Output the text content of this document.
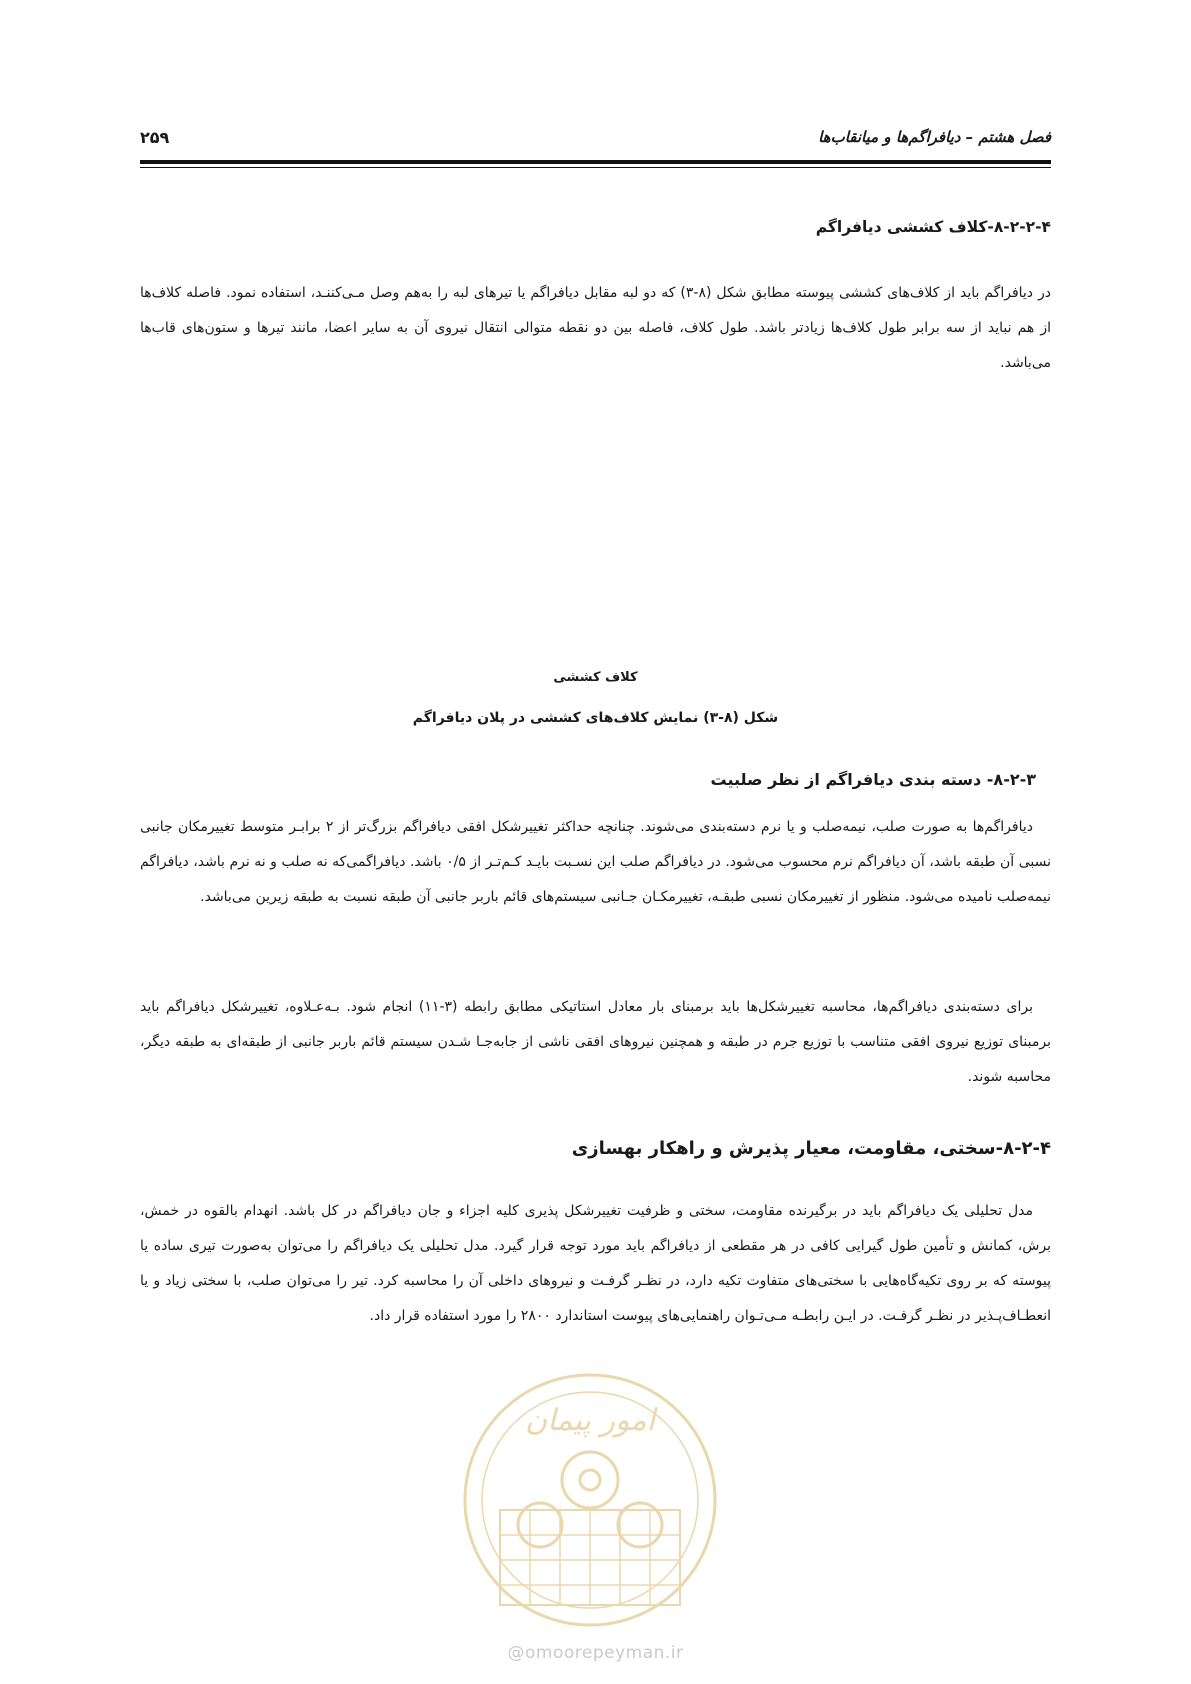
فصل هشتم – دیافراگم‌ها و میانقاب‌ها
۲۵۹
۸-۲-۲-۴-کلاف کششی دیافراگم
در دیافراگم باید از کلاف‌های کششی پیوسته مطابق شکل (۸-۳) که دو لبه مقابل دیافراگم یا تیرهای لبه را به‌هم وصل مـی‌کننـد، استفاده نمود. فاصله کلاف‌ها از هم نباید از سه برابر طول کلاف‌ها زیادتر باشد. طول کلاف، فاصله بین دو نقطه متوالی انتقال نیروی آن به سایر اعضا، مانند تیرها و ستون‌های قاب‌ها می‌باشد.
کلاف کششی
شکل (۸-۳) نمایش کلاف‌های کششی در پلان دیافراگم
۸-۲-۳- دسته بندی دیافراگم از نظر صلبیت
دیافراگم‌ها به صورت صلب، نیمه‌صلب و یا نرم دسته‌بندی می‌شوند. چنانچه حداکثر تغییرشکل افقی دیافراگم بزرگ‌تر از ۲ برابـر متوسط تغییرمکان جانبی نسبی آن طبقه باشد، آن دیافراگم نرم محسوب می‌شود. در دیافراگم صلب این نسـبت بایـد کـم‌تـر از ۰/۵ باشد. دیافراگمی‌که نه صلب و نه نرم باشد، دیافراگم نیمه‌صلب نامیده می‌شود. منظور از تغییرمکان نسبی طبقـه، تغییرمکـان جـانبی سیستم‌های قائم باربر جانبی آن طبقه نسبت به طبقه زیرین می‌باشد.
برای دسته‌بندی دیافراگم‌ها، محاسبه تغییرشکل‌ها باید برمبنای بار معادل استاتیکی مطابق رابطه (۳-۱۱) انجام شود. بـه‌عـلاوه، تغییرشکل دیافراگم باید برمبنای توزیع نیروی افقی متناسب با توزیع جرم در طبقه و همچنین نیروهای افقی ناشی از جابه‌جـا شـدن سیستم قائم باربر جانبی از طبقه‌ای به طبقه دیگر، محاسبه شوند.
۸-۲-۴-سختی، مقاومت، معیار پذیرش و راهکار بهسازی
مدل تحلیلی یک دیافراگم باید در برگیرنده مقاومت، سختی و ظرفیت تغییرشکل پذیری کلیه اجزاء و جان دیافراگم در کل باشد. انهدام بالقوه در خمش، برش، کمانش و تأمین طول گیرایی کافی در هر مقطعی از دیافراگم باید مورد توجه قرار گیرد. مدل تحلیلی یک دیافراگم را می‌توان به‌صورت تیری ساده یا پیوسته که بر روی تکیه‌گاه‌هایی با سختی‌های متفاوت تکیه دارد، در نظـر گرفـت و نیروهای داخلی آن را محاسبه کرد. تیر را می‌توان صلب، با سختی زیاد و یا انعطـاف‌پـذیر در نظـر گرفـت. در ایـن رابطـه مـی‌تـوان راهنمایی‌های پیوست استاندارد ۲۸۰۰ را مورد استفاده قرار داد.
امور پیمان
@omoorepeyman.ir
